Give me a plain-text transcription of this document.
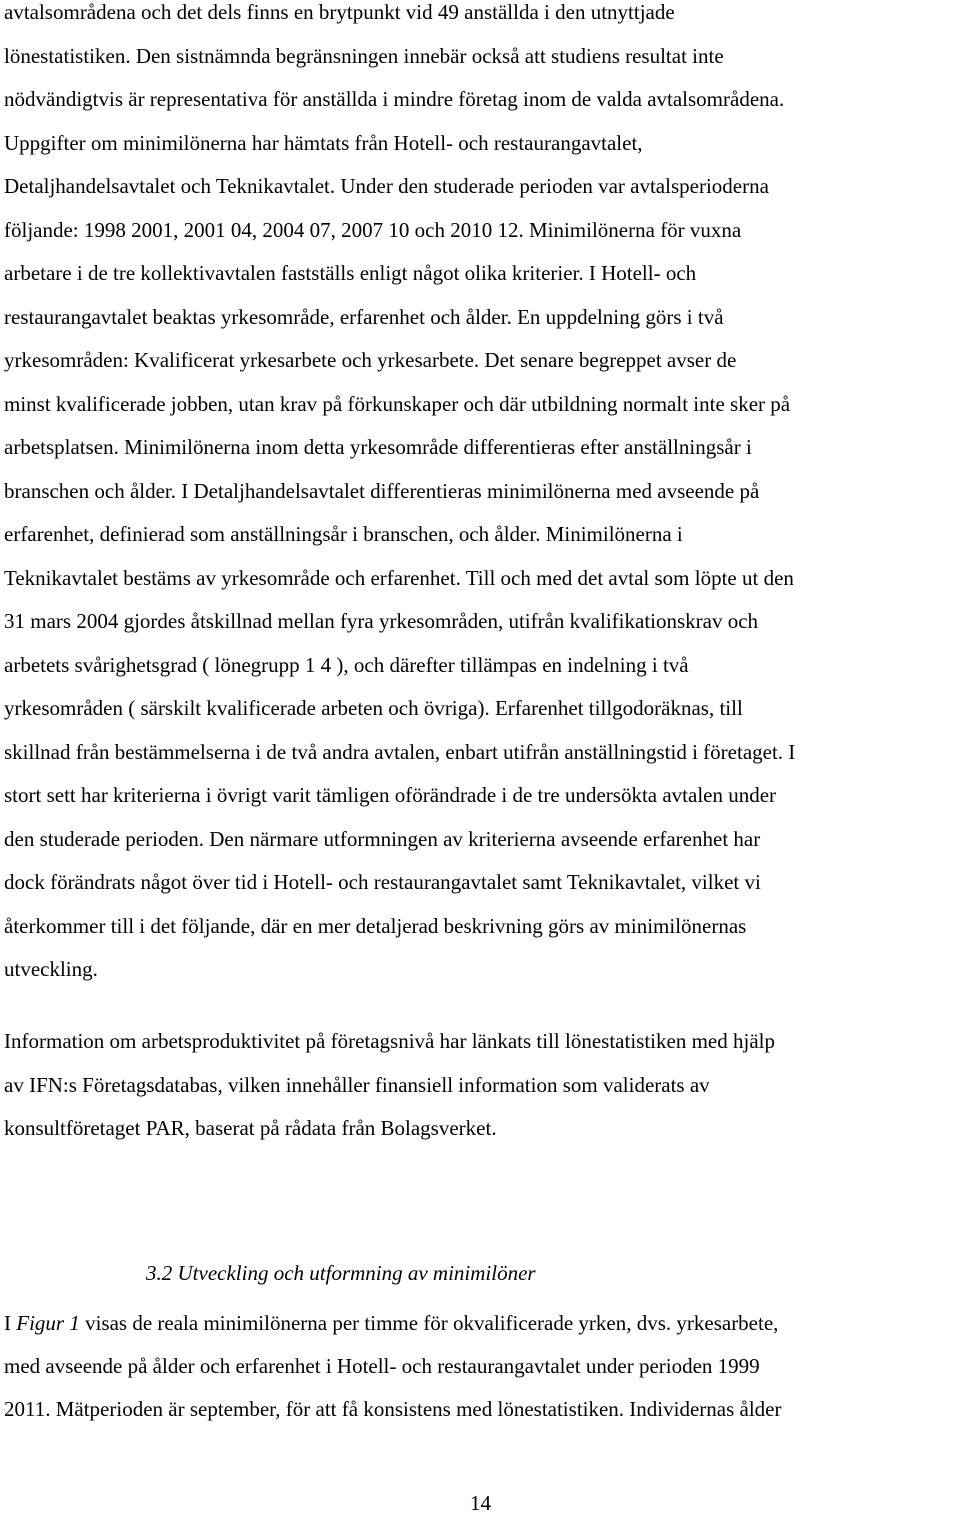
avtalsområdena och det dels finns en brytpunkt vid 49 anställda i den utnyttjade
lönestatistiken. Den sistnämnda begränsningen innebär också att studiens resultat inte
nödvändigtvis är representativa för anställda i mindre företag inom de valda avtalsområdena.
Uppgifter om minimilönerna har hämtats från Hotell- och restaurangavtalet,
Detaljhandelsavtalet och Teknikavtalet. Under den studerade perioden var avtalsperioderna
följande: 1998 2001, 2001 04, 2004 07, 2007 10 och 2010 12. Minimilönerna för vuxna
arbetare i de tre kollektivavtalen fastställs enligt något olika kriterier. I Hotell- och
restaurangavtalet beaktas yrkesområde, erfarenhet och ålder. En uppdelning görs i två
yrkesområden: Kvalificerat yrkesarbete och yrkesarbete. Det senare begreppet avser de
minst kvalificerade jobben, utan krav på förkunskaper och där utbildning normalt inte sker på
arbetsplatsen. Minimilönerna inom detta yrkesområde differentieras efter anställningsår i
branschen och ålder. I Detaljhandelsavtalet differentieras minimilönerna med avseende på
erfarenhet, definierad som anställningsår i branschen, och ålder. Minimilönerna i
Teknikavtalet bestäms av yrkesområde och erfarenhet. Till och med det avtal som löpte ut den
31 mars 2004 gjordes åtskillnad mellan fyra yrkesområden, utifrån kvalifikationskrav och
arbetets svårighetsgrad ( lönegrupp 1 4 ), och därefter tillämpas en indelning i två
yrkesområden ( särskilt kvalificerade arbeten och övriga). Erfarenhet tillgodoräknas, till
skillnad från bestämmelserna i de två andra avtalen, enbart utifrån anställningstid i företaget. I
stort sett har kriterierna i övrigt varit tämligen oförändrade i de tre undersökta avtalen under
den studerade perioden. Den närmare utformningen av kriterierna avseende erfarenhet har
dock förändrats något över tid i Hotell- och restaurangavtalet samt Teknikavtalet, vilket vi
återkommer till i det följande, där en mer detaljerad beskrivning görs av minimilönernas
utveckling.
Information om arbetsproduktivitet på företagsnivå har länkats till lönestatistiken med hjälp
av IFN:s Företagsdatabas, vilken innehåller finansiell information som validerats av
konsultföretaget PAR, baserat på rådata från Bolagsverket.
3.2 Utveckling och utformning av minimilöner
I Figur 1 visas de reala minimilönerna per timme för okvalificerade yrken, dvs. yrkesarbete,
med avseende på ålder och erfarenhet i Hotell- och restaurangavtalet under perioden 1999
2011. Mätperioden är september, för att få konsistens med lönestatistiken. Individernas ålder
14
